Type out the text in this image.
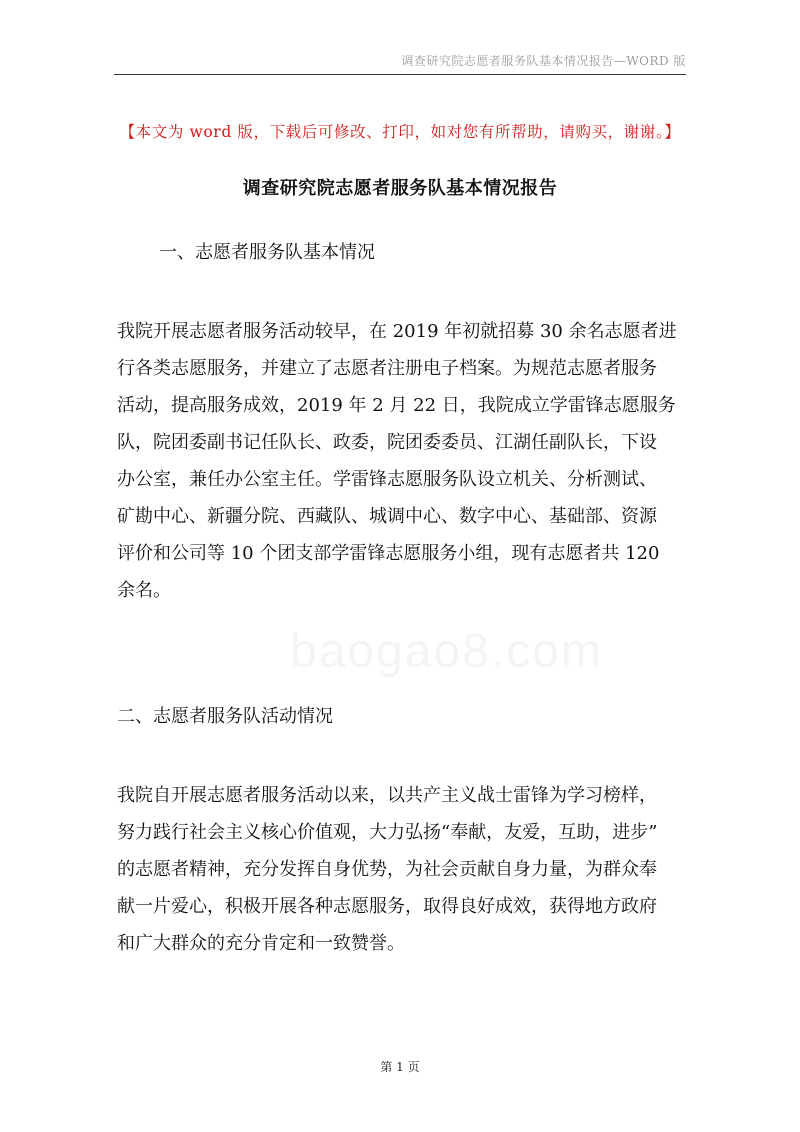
调查研究院志愿者服务队基本情况报告—WORD 版
【本文为 word 版，下载后可修改、打印，如对您有所帮助，请购买，谢谢。】
调查研究院志愿者服务队基本情况报告
一、志愿者服务队基本情况
我院开展志愿者服务活动较早，在 2019 年初就招募 30 余名志愿者进
行各类志愿服务，并建立了志愿者注册电子档案。为规范志愿者服务
活动，提高服务成效，2019 年 2 月 22 日，我院成立学雷锋志愿服务
队，院团委副书记任队长、政委，院团委委员、江湖任副队长，下设
办公室，兼任办公室主任。学雷锋志愿服务队设立机关、分析测试、
矿勘中心、新疆分院、西藏队、城调中心、数字中心、基础部、资源
评价和公司等 10 个团支部学雷锋志愿服务小组，现有志愿者共 120
余名。
baogao8.com
二、志愿者服务队活动情况
我院自开展志愿者服务活动以来，以共产主义战士雷锋为学习榜样，
努力践行社会主义核心价值观，大力弘扬“奉献，友爱，互助，进步”
的志愿者精神，充分发挥自身优势，为社会贡献自身力量，为群众奉
献一片爱心，积极开展各种志愿服务，取得良好成效，获得地方政府
和广大群众的充分肯定和一致赞誉。
第 1 页
